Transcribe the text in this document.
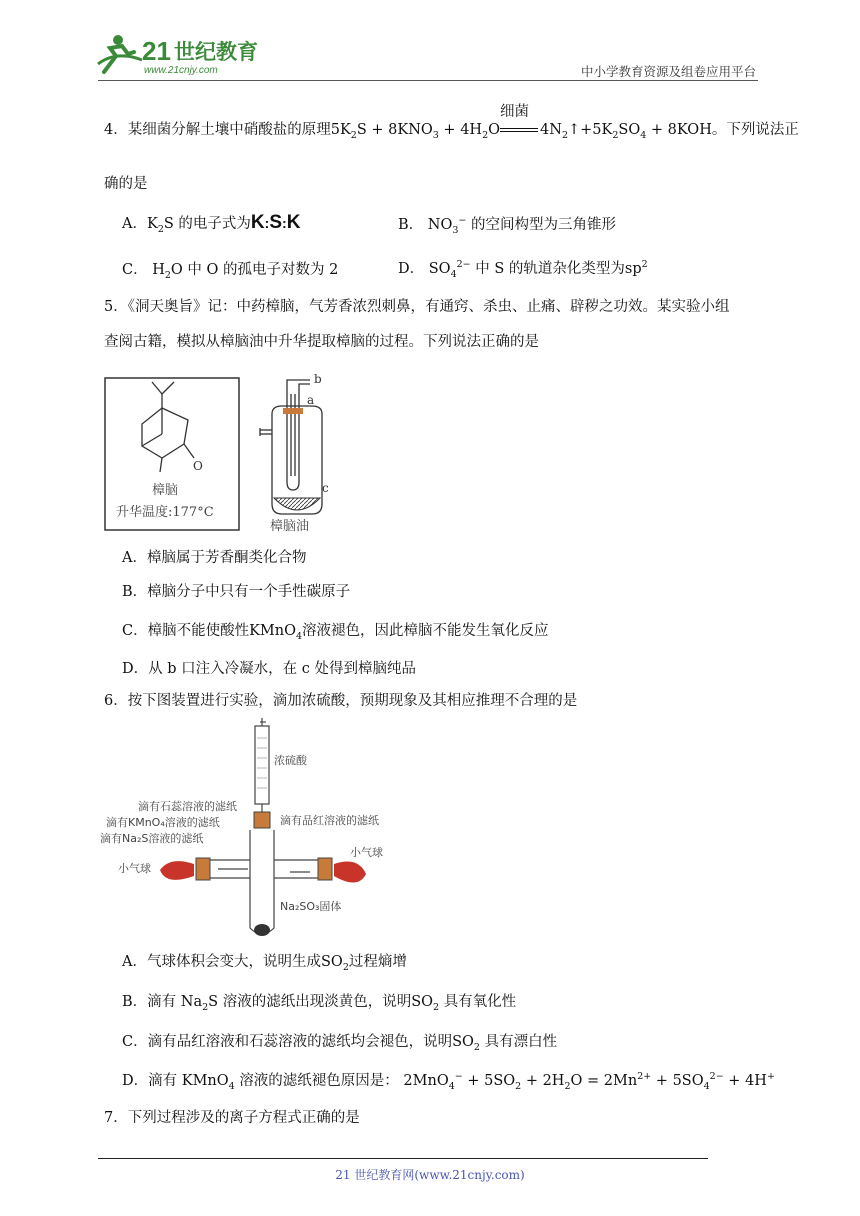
21 世纪教育
www.21cnjy.com	中小学教育资源及组卷应用平台
4．某细菌分解土壤中硝酸盐的原理$5K_2S + 8KNO_3 + 4H_2O$
细菌
$4N_2↑+5K_2SO_4 + 8KOH$。下列说法正
确的是
A．$K_2S$ 的电子式为K:S:K	B． $NO_3^-$ 的空间构型为三角锥形
C． $H_2O$ 中 O 的孤电子对数为 2	D． $SO_4^{2-}$ 中 S 的轨道杂化类型为$sp^2$
5．《洞天奥旨》记：中药樟脑，气芳香浓烈刺鼻，有通窍、杀虫、止痛、辟秽之功效。某实验小组
查阅古籍，模拟从樟脑油中升华提取樟脑的过程。下列说法正确的是
O
樟脑
升华温度:177°C
b
a
c
樟脑油
A．樟脑属于芳香酮类化合物
B．樟脑分子中只有一个手性碳原子
C．樟脑不能使酸性KMnO$_4$溶液褪色，因此樟脑不能发生氧化反应
D．从 b 口注入冷凝水，在 c 处得到樟脑纯品
6．按下图装置进行实验，滴加浓硫酸，预期现象及其相应推理不合理的是
浓硫酸
滴有石蕊溶液的滤纸
滴有KMnO₄溶液的滤纸
滴有Na₂S溶液的滤纸
滴有品红溶液的滤纸
小气球
小气球
Na₂SO₃固体
A．气球体积会变大，说明生成$SO_2$过程熵增
B．滴有 $Na_2S$ 溶液的滤纸出现淡黄色，说明$SO_2$ 具有氧化性
C．滴有品红溶液和石蕊溶液的滤纸均会褪色，说明$SO_2$ 具有漂白性
D．滴有 KMnO$_4$ 溶液的滤纸褪色原因是： $2MnO_4^- + 5SO_2 + 2H_2O = 2Mn^{2+} + 5SO_4^{2-} + 4H^+$
7．下列过程涉及的离子方程式正确的是
21 世纪教育网(www.21cnjy.com)
